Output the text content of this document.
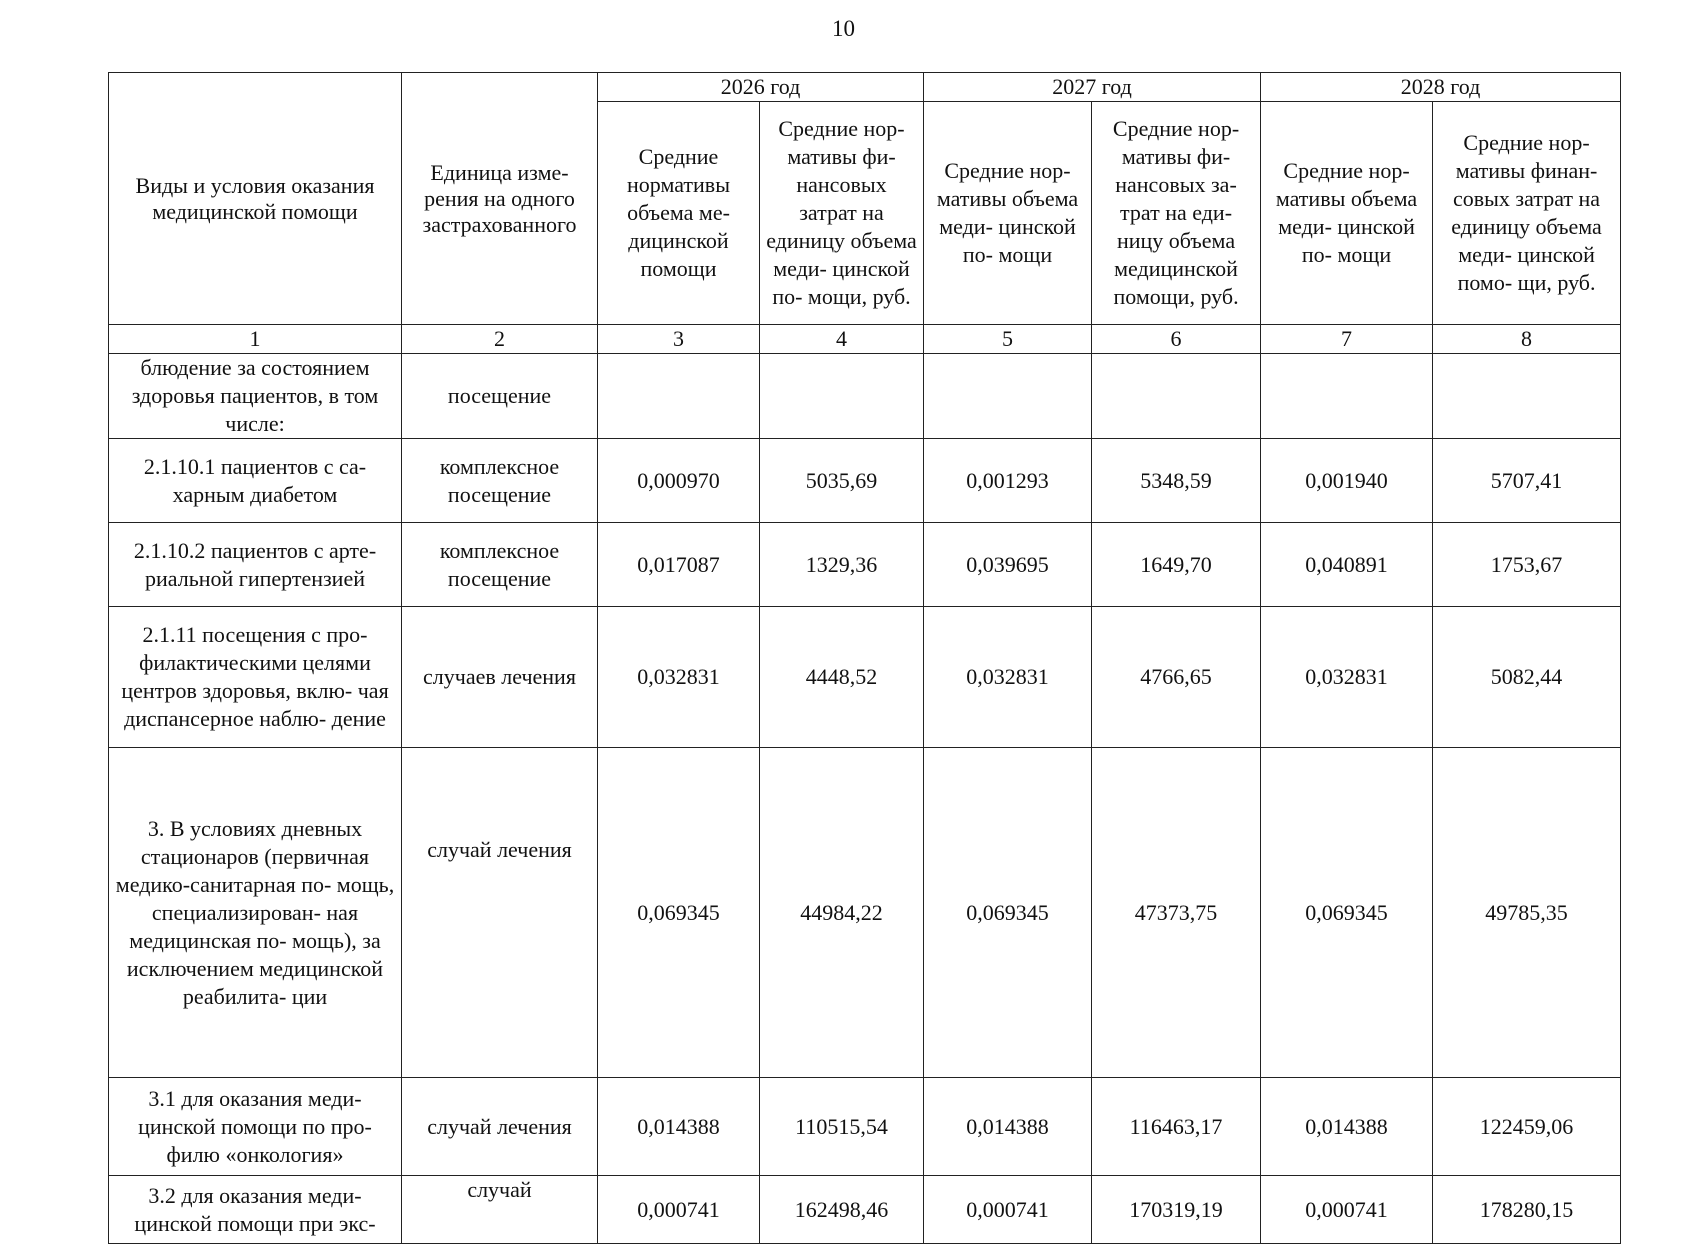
10
Виды и условия оказания медицинской помощи	Единица изме- рения на одного застрахованного	2026 год		2027 год		2028 год	
		Средние нормативы объема ме- дицинской помощи	Средние нор- мативы фи- нансовых затрат на единицу объема меди- цинской по- мощи, руб.	Средние нор- мативы объема меди- цинской по- мощи	Средние нор- мативы фи- нансовых за- трат на еди- ницу объема медицинской помощи, руб.	Средние нор- мативы объема меди- цинской по- мощи	Средние нор- мативы финан- совых затрат на единицу объема меди- цинской помо- щи, руб.
1	2	3	4	5	6	7	8
блюдение за состоянием здоровья пациентов, в том числе:	посещение						
2.1.10.1 пациентов с са- харным диабетом	комплексное посещение	0,000970	5035,69	0,001293	5348,59	0,001940	5707,41
2.1.10.2 пациентов с арте- риальной гипертензией	комплексное посещение	0,017087	1329,36	0,039695	1649,70	0,040891	1753,67
2.1.11 посещения с про- филактическими целями центров здоровья, вклю- чая диспансерное наблю- дение	случаев лечения	0,032831	4448,52	0,032831	4766,65	0,032831	5082,44
3. В условиях дневных стационаров (первичная медико-санитарная по- мощь, специализирован- ная медицинская по- мощь), за исключением медицинской реабилита- ции	случай лечения	0,069345	44984,22	0,069345	47373,75	0,069345	49785,35
3.1 для оказания меди- цинской помощи по про- филю «онкология»	случай лечения	0,014388	110515,54	0,014388	116463,17	0,014388	122459,06
3.2 для оказания меди- цинской помощи при экс-	случай	0,000741	162498,46	0,000741	170319,19	0,000741	178280,15
